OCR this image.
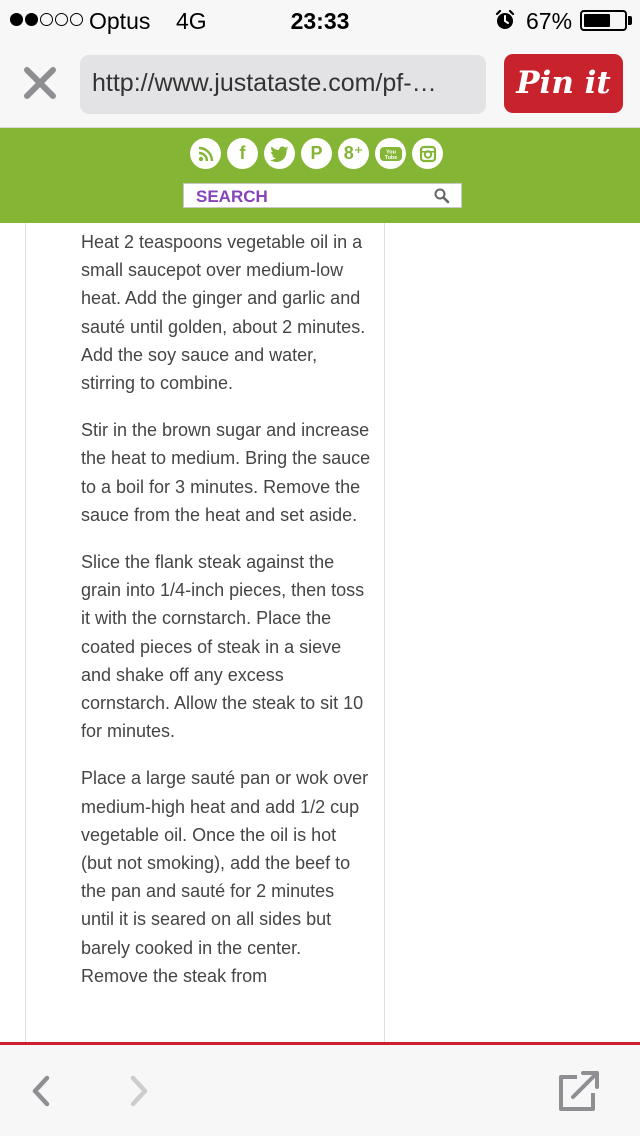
Optus 4G	23:33	67%
http://www.justataste.com/pf-…	Pin it
f	P	8⁺	You
Tube
SEARCH

Heat 2 teaspoons vegetable oil in a small saucepot over medium-low heat. Add the ginger and garlic and sauté until golden, about 2 minutes. Add the soy sauce and water, stirring to combine.

Stir in the brown sugar and increase the heat to medium. Bring the sauce to a boil for 3 minutes. Remove the sauce from the heat and set aside.

Slice the flank steak against the grain into 1/4-inch pieces, then toss it with the cornstarch. Place the coated pieces of steak in a sieve and shake off any excess cornstarch. Allow the steak to sit 10 for minutes.

Place a large sauté pan or wok over medium-high heat and add 1/2 cup vegetable oil. Once the oil is hot (but not smoking), add the beef to the pan and sauté for 2 minutes until it is seared on all sides but barely cooked in the center. Remove the steak from
